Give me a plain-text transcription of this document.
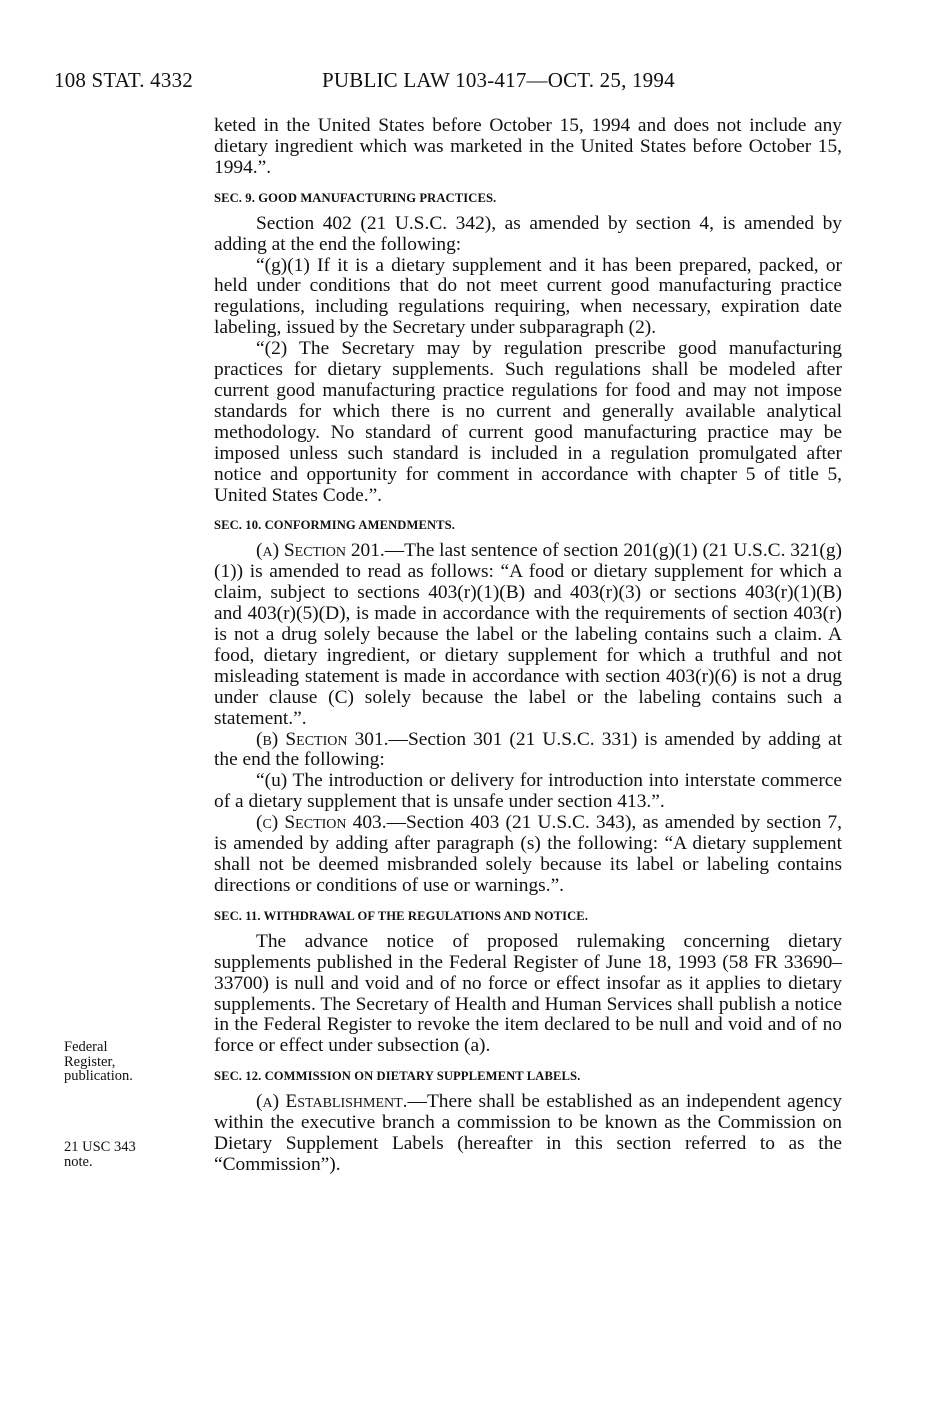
108 STAT. 4332	PUBLIC LAW 103-417—OCT. 25, 1994
Federal
Register,
publication.
21 USC 343
note.

keted in the United States before October 15, 1994 and does not include any dietary ingredient which was marketed in the United States before October 15, 1994.”.

SEC. 9. GOOD MANUFACTURING PRACTICES.

Section 402 (21 U.S.C. 342), as amended by section 4, is amended by adding at the end the following:

“(g)(1) If it is a dietary supplement and it has been prepared, packed, or held under conditions that do not meet current good manufacturing practice regulations, including regulations requiring, when necessary, expiration date labeling, issued by the Secretary under subparagraph (2).

“(2) The Secretary may by regulation prescribe good manufacturing practices for dietary supplements. Such regulations shall be modeled after current good manufacturing practice regulations for food and may not impose standards for which there is no current and generally available analytical methodology. No standard of current good manufacturing practice may be imposed unless such standard is included in a regulation promulgated after notice and opportunity for comment in accordance with chapter 5 of title 5, United States Code.”.

SEC. 10. CONFORMING AMENDMENTS.

(a) Section 201.—The last sentence of section 201(g)(1) (21 U.S.C. 321(g)(1)) is amended to read as follows: “A food or dietary supplement for which a claim, subject to sections 403(r)(1)(B) and 403(r)(3) or sections 403(r)(1)(B) and 403(r)(5)(D), is made in accordance with the requirements of section 403(r) is not a drug solely because the label or the labeling contains such a claim. A food, dietary ingredient, or dietary supplement for which a truthful and not misleading statement is made in accordance with section 403(r)(6) is not a drug under clause (C) solely because the label or the labeling contains such a statement.”.

(b) Section 301.—Section 301 (21 U.S.C. 331) is amended by adding at the end the following:

“(u) The introduction or delivery for introduction into interstate commerce of a dietary supplement that is unsafe under section 413.”.

(c) Section 403.—Section 403 (21 U.S.C. 343), as amended by section 7, is amended by adding after paragraph (s) the following: “A dietary supplement shall not be deemed misbranded solely because its label or labeling contains directions or conditions of use or warnings.”.

SEC. 11. WITHDRAWAL OF THE REGULATIONS AND NOTICE.

The advance notice of proposed rulemaking concerning dietary supplements published in the Federal Register of June 18, 1993 (58 FR 33690–33700) is null and void and of no force or effect insofar as it applies to dietary supplements. The Secretary of Health and Human Services shall publish a notice in the Federal Register to revoke the item declared to be null and void and of no force or effect under subsection (a).

SEC. 12. COMMISSION ON DIETARY SUPPLEMENT LABELS.

(a) Establishment.—There shall be established as an independent agency within the executive branch a commission to be known as the Commission on Dietary Supplement Labels (hereafter in this section referred to as the “Commission”).
